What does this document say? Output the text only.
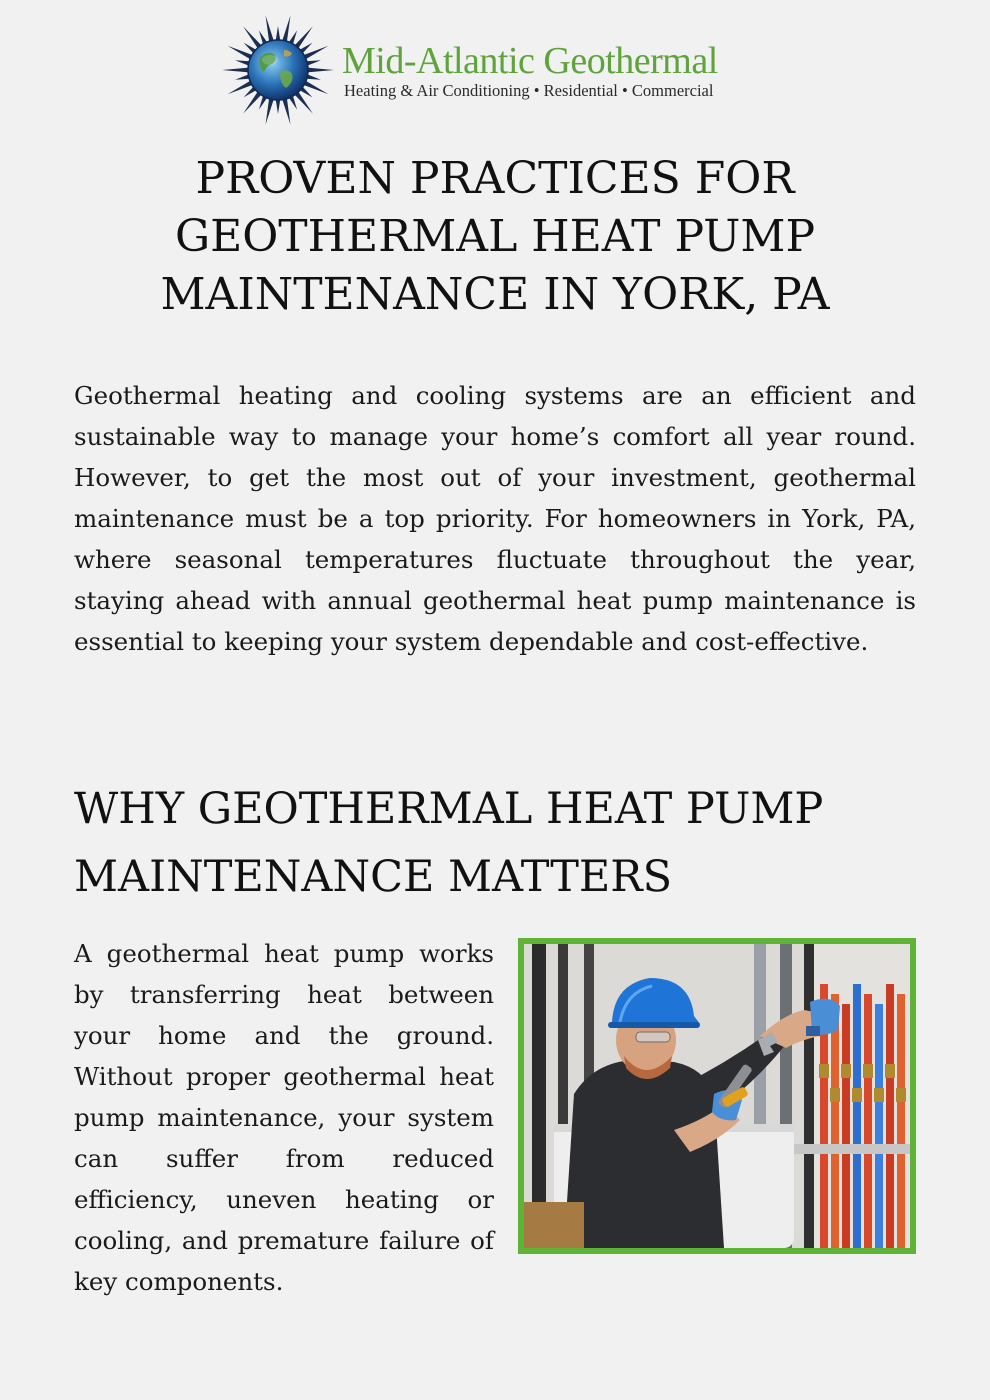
Mid-Atlantic Geothermal
Heating & Air Conditioning • Residential • Commercial
PROVEN PRACTICES FOR GEOTHERMAL HEAT PUMP MAINTENANCE IN YORK, PA

Geothermal heating and cooling systems are an efficient and sustainable way to manage your home’s comfort all year round. However, to get the most out of your investment, geothermal maintenance must be a top priority. For homeowners in York, PA, where seasonal temperatures fluctuate throughout the year, staying ahead with annual geothermal heat pump maintenance is essential to keeping your system dependable and cost-effective.

WHY GEOTHERMAL HEAT PUMP MAINTENANCE MATTERS

A geothermal heat pump works by transferring heat between your home and the ground. Without proper geothermal heat pump maintenance, your system can suffer from reduced efficiency, uneven heating or cooling, and premature failure of key components.
